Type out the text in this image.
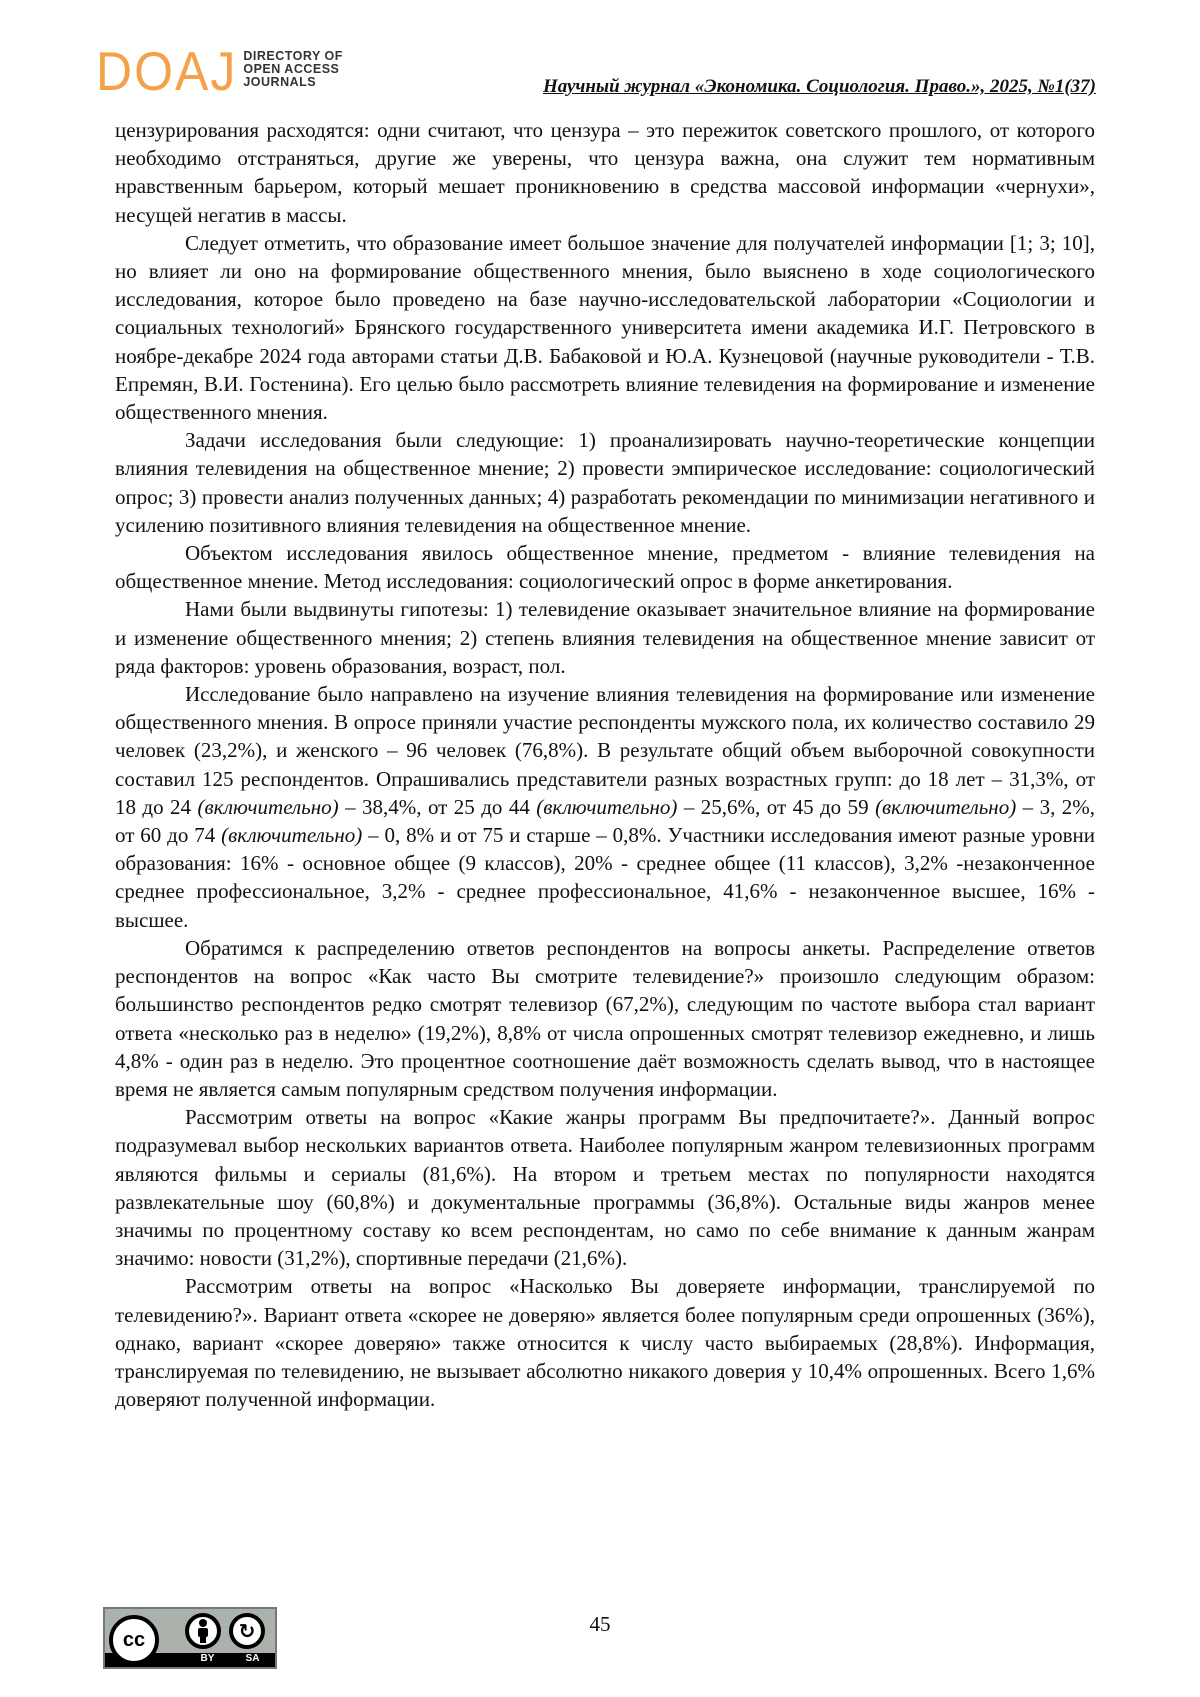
DOAJ DIRECTORY OF
OPEN ACCESS
JOURNALS	Научный журнал «Экономика. Социология. Право.», 2025, №1(37)

цензурирования расходятся: одни считают, что цензура – это пережиток советского прошлого, от которого необходимо отстраняться, другие же уверены, что цензура важна, она служит тем нормативным нравственным барьером, который мешает проникновению в средства массовой информации «чернухи», несущей негатив в массы.

Следует отметить, что образование имеет большое значение для получателей информации [1; 3; 10], но влияет ли оно на формирование общественного мнения, было выяснено в ходе социологического исследования, которое было проведено на базе научно-исследовательской лаборатории «Социологии и социальных технологий» Брянского государственного университета имени академика И.Г. Петровского в ноябре-декабре 2024 года авторами статьи Д.В. Бабаковой и Ю.А. Кузнецовой (научные руководители - Т.В. Епремян, В.И. Гостенина). Его целью было рассмотреть влияние телевидения на формирование и изменение общественного мнения.

Задачи исследования были следующие: 1) проанализировать научно-теоретические концепции влияния телевидения на общественное мнение; 2) провести эмпирическое исследование: социологический опрос; 3) провести анализ полученных данных; 4) разработать рекомендации по минимизации негативного и усилению позитивного влияния телевидения на общественное мнение.

Объектом исследования явилось общественное мнение, предметом - влияние телевидения на общественное мнение. Метод исследования: социологический опрос в форме анкетирования.

Нами были выдвинуты гипотезы: 1) телевидение оказывает значительное влияние на формирование и изменение общественного мнения; 2) степень влияния телевидения на общественное мнение зависит от ряда факторов: уровень образования, возраст, пол.

Исследование было направлено на изучение влияния телевидения на формирование или изменение общественного мнения. В опросе приняли участие респонденты мужского пола, их количество составило 29 человек (23,2%), и женского – 96 человек (76,8%). В результате общий объем выборочной совокупности составил 125 респондентов. Опрашивались представители разных возрастных групп: до 18 лет – 31,3%, от 18 до 24 (включительно) – 38,4%, от 25 до 44 (включительно) – 25,6%, от 45 до 59 (включительно) – 3, 2%, от 60 до 74 (включительно) – 0, 8% и от 75 и старше – 0,8%. Участники исследования имеют разные уровни образования: 16% - основное общее (9 классов), 20% - среднее общее (11 классов), 3,2% -незаконченное среднее профессиональное, 3,2% - среднее профессиональное, 41,6% - незаконченное высшее, 16% - высшее.

Обратимся к распределению ответов респондентов на вопросы анкеты. Распределение ответов респондентов на вопрос «Как часто Вы смотрите телевидение?» произошло следующим образом: большинство респондентов редко смотрят телевизор (67,2%), следующим по частоте выбора стал вариант ответа «несколько раз в неделю» (19,2%), 8,8% от числа опрошенных смотрят телевизор ежедневно, и лишь 4,8% - один раз в неделю. Это процентное соотношение даёт возможность сделать вывод, что в настоящее время не является самым популярным средством получения информации.

Рассмотрим ответы на вопрос «Какие жанры программ Вы предпочитаете?». Данный вопрос подразумевал выбор нескольких вариантов ответа. Наиболее популярным жанром телевизионных программ являются фильмы и сериалы (81,6%). На втором и третьем местах по популярности находятся развлекательные шоу (60,8%) и документальные программы (36,8%). Остальные виды жанров менее значимы по процентному составу ко всем респондентам, но само по себе внимание к данным жанрам значимо: новости (31,2%), спортивные передачи (21,6%).

Рассмотрим ответы на вопрос «Насколько Вы доверяете информации, транслируемой по телевидению?». Вариант ответа «скорее не доверяю» является более популярным среди опрошенных (36%), однако, вариант «скорее доверяю» также относится к числу часто выбираемых (28,8%). Информация, транслируемая по телевидению, не вызывает абсолютно никакого доверия у 10,4% опрошенных. Всего 1,6% доверяют полученной информации.

cc	↻
BY	SA
45
